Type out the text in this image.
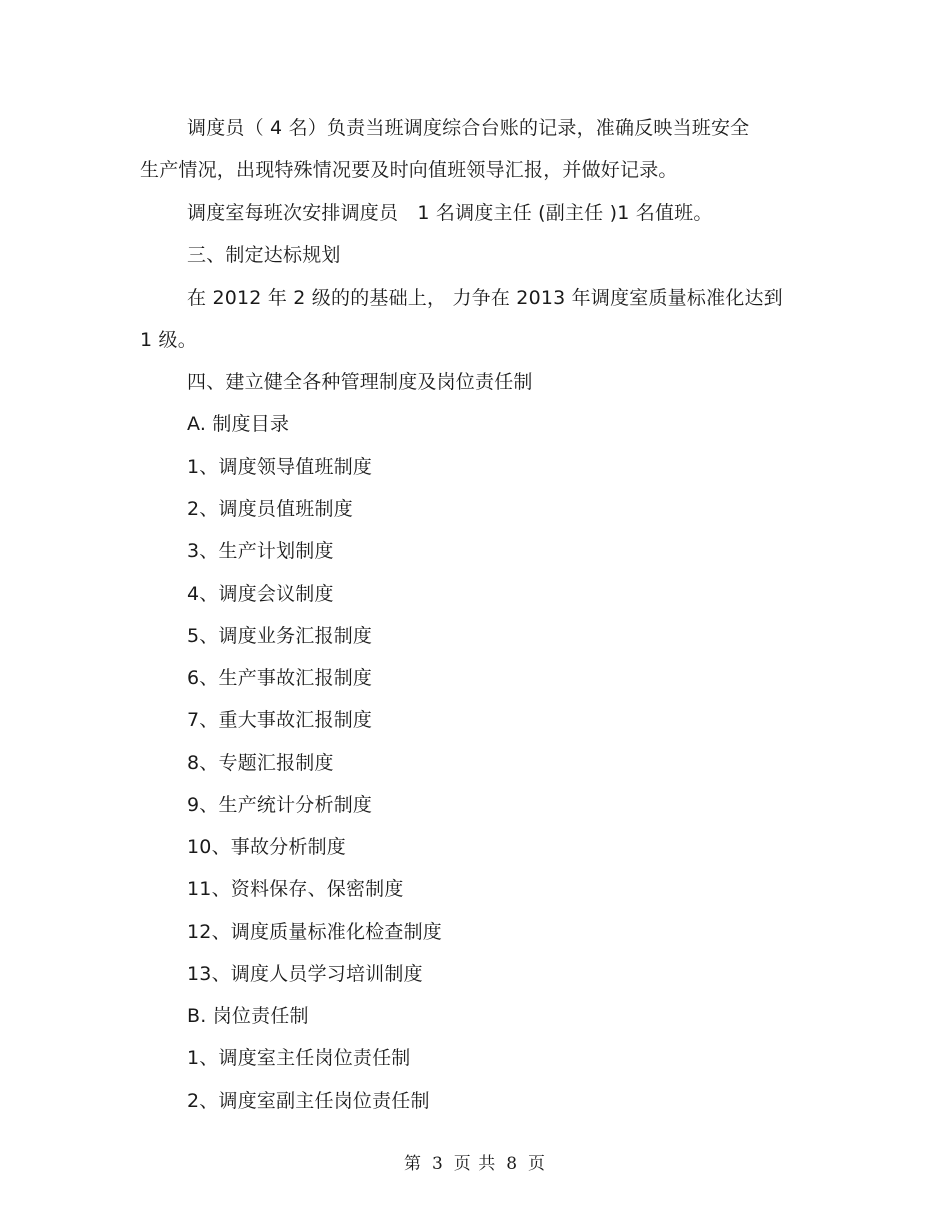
调度员（ 4 名）负责当班调度综合台账的记录，准确反映当班安全
生产情况，出现特殊情况要及时向值班领导汇报，并做好记录。
调度室每班次安排调度员　1 名调度主任 (副主任 )1 名值班。
三、制定达标规划
在 2012 年 2 级的的基础上， 力争在 2013 年调度室质量标准化达到
1 级。
四、建立健全各种管理制度及岗位责任制
A. 制度目录
1、调度领导值班制度
2、调度员值班制度
3、生产计划制度
4、调度会议制度
5、调度业务汇报制度
6、生产事故汇报制度
7、重大事故汇报制度
8、专题汇报制度
9、生产统计分析制度
10、事故分析制度
11、资料保存、保密制度
12、调度质量标准化检查制度
13、调度人员学习培训制度
B. 岗位责任制
1、调度室主任岗位责任制
2、调度室副主任岗位责任制
第 3 页 共 8 页
